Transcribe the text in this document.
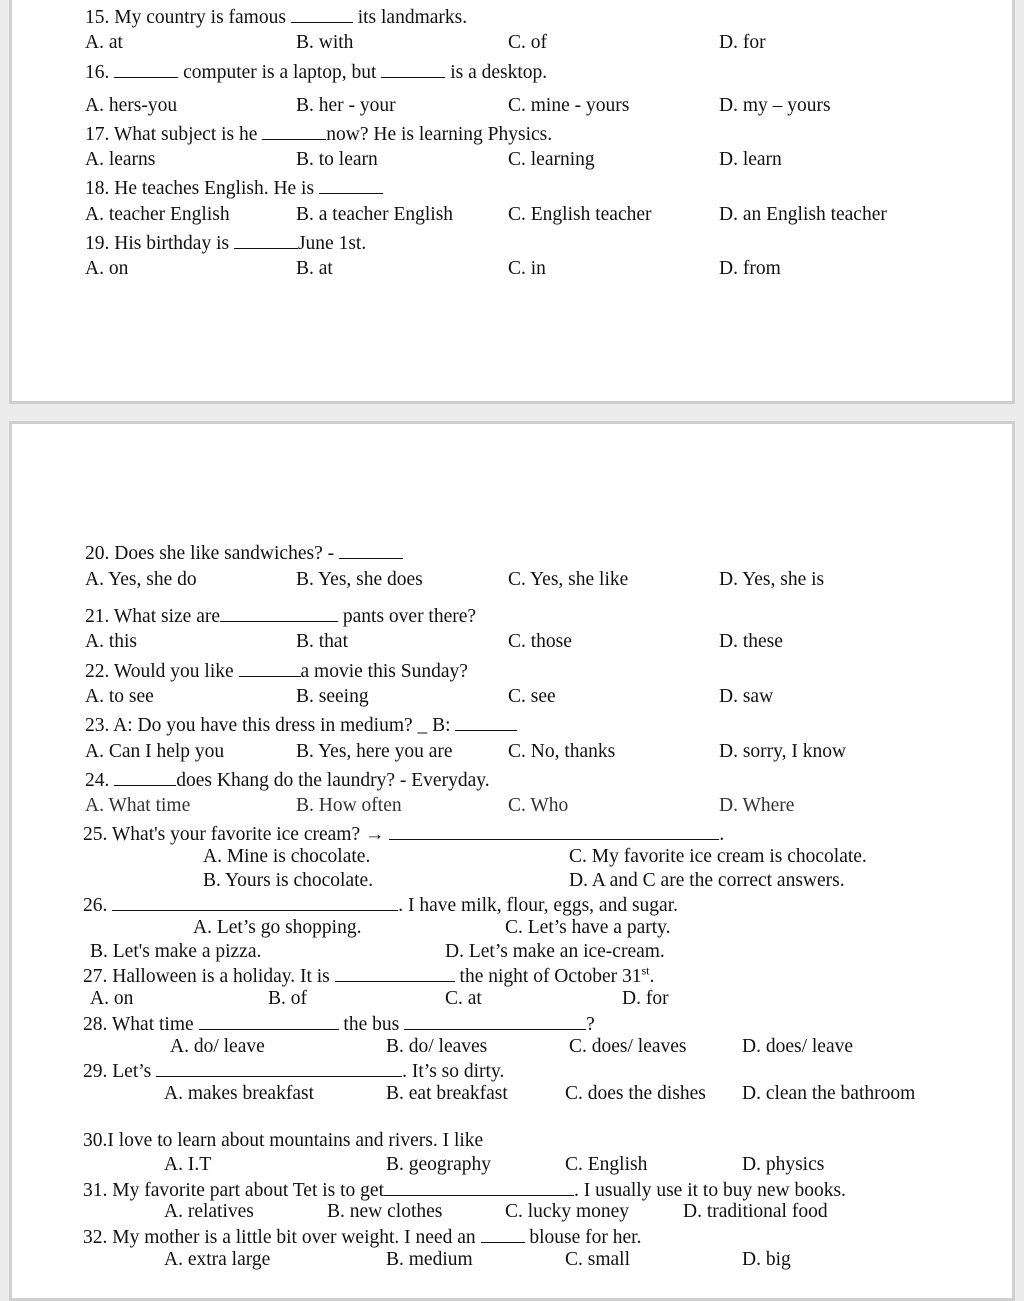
15. My country is famous	its landmarks.
A. at	B. with	C. of	D. for
16.	computer is a laptop, but	is a desktop.
A. hers-you	B. her - your	C. mine - yours	D. my – yours
17. What subject is he	now? He is learning Physics.
A. learns	B. to learn	C. learning	D. learn
18. He teaches English. He is
A. teacher English	B. a teacher English	C. English teacher	D. an English teacher
19. His birthday is	June 1st.
A. on	B. at	C. in	D. from
20. Does she like sandwiches? -
A. Yes, she do	B. Yes, she does	C. Yes, she like	D. Yes, she is
21. What size are	pants over there?
A. this	B. that	C. those	D. these
22. Would you like	a movie this Sunday?
A. to see	B. seeing	C. see	D. saw
23. A: Do you have this dress in medium? _ B:
A. Can I help you	B. Yes, here you are	C. No, thanks	D. sorry, I know
24.	does Khang do the laundry? - Everyday.
A. What time	B. How often	C. Who	D. Where
25. What's your favorite ice cream? →	.
A. Mine is chocolate.	C. My favorite ice cream is chocolate.
B. Yours is chocolate.	D. A and C are the correct answers.
26.	. I have milk, flour, eggs, and sugar.
A. Let’s go shopping.	C. Let’s have a party.
B. Let's make a pizza.	D. Let’s make an ice-cream.
27. Halloween is a holiday. It is	the night of October 31st.
A. on	B. of	C. at	D. for
28. What time	the bus	?
A. do/ leave	B. do/ leaves	C. does/ leaves	D. does/ leave
29. Let’s	. It’s so dirty.
A. makes breakfast	B. eat breakfast	C. does the dishes D. clean the bathroom
30.I love to learn about mountains and rivers. I like
A. I.T	B. geography	C. English	D. physics
31. My favorite part about Tet is to get	. I usually use it to buy new books.
A. relatives	B. new clothes	C. lucky money	D. traditional food
32. My mother is a little bit over weight. I need an  blouse for her.
A. extra large	B. medium	C. small	D. big
